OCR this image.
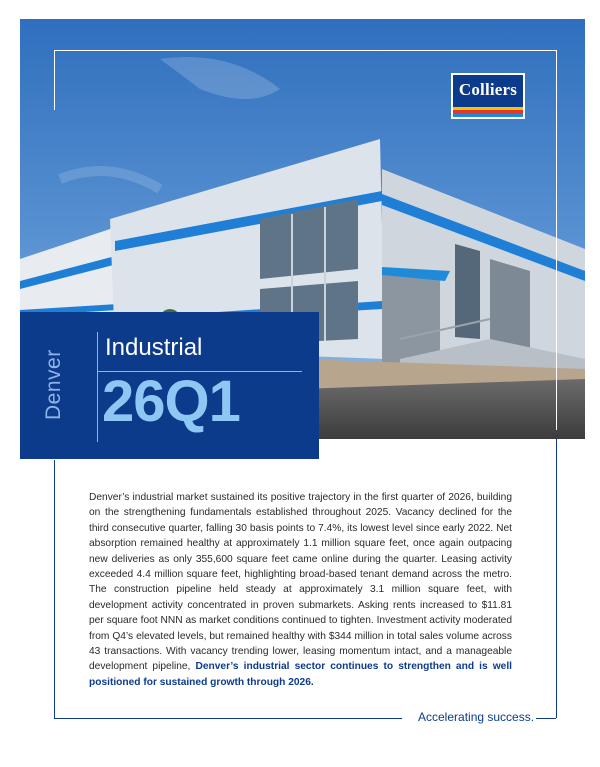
Colliers
Denver
Industrial
26Q1
Denver’s industrial market sustained its positive trajectory in the first quarter of 2026, building on the strengthening fundamentals established throughout 2025. Vacancy declined for the third consecutive quarter, falling 30 basis points to 7.4%, its lowest level since early 2022. Net absorption remained healthy at approximately 1.1 million square feet, once again outpacing new deliveries as only 355,600 square feet came online during the quarter. Leasing activity exceeded 4.4 million square feet, highlighting broad-based tenant demand across the metro. The construction pipeline held steady at approximately 3.1 million square feet, with development activity concentrated in proven submarkets. Asking rents increased to $11.81 per square foot NNN as market conditions continued to tighten. Investment activity moderated from Q4’s elevated levels, but remained healthy with $344 million in total sales volume across 43 transactions. With vacancy trending lower, leasing momentum intact, and a manageable development pipeline, Denver’s industrial sector continues to strengthen and is well positioned for sustained growth through 2026.
Accelerating success.
